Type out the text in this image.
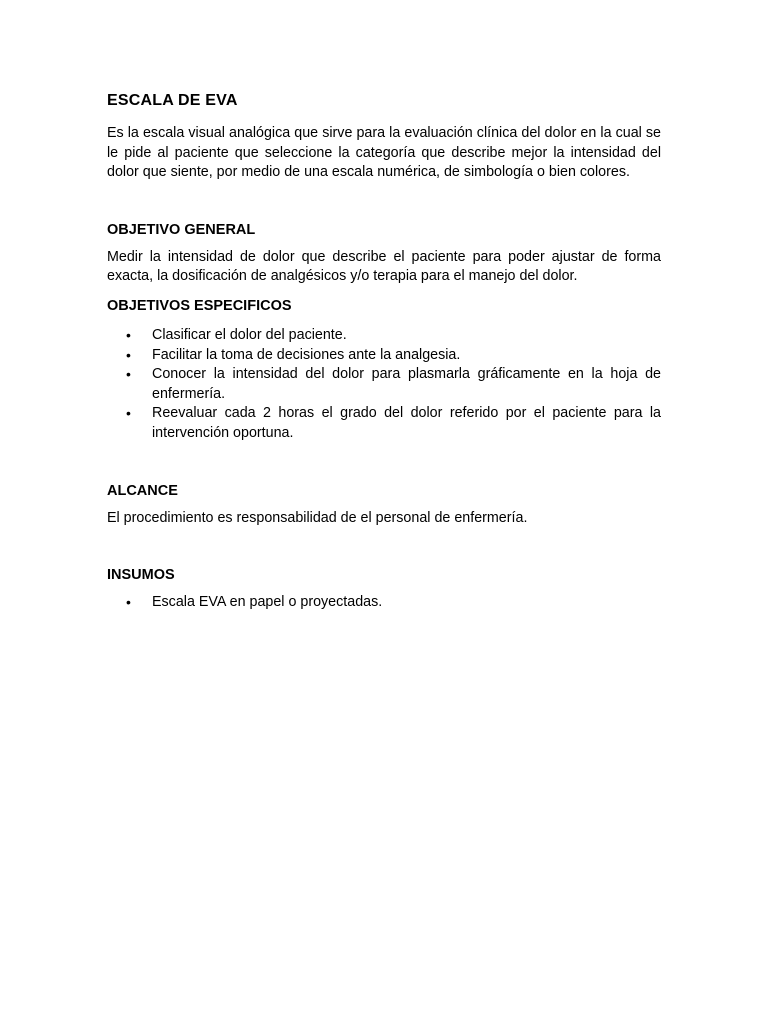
ESCALA DE EVA

Es la escala visual analógica que sirve para la evaluación clínica del dolor en la cual se le pide al paciente que seleccione la categoría que describe mejor la intensidad del dolor que siente, por medio de una escala numérica, de simbología o bien colores.

OBJETIVO GENERAL

Medir la intensidad de dolor que describe el paciente para poder ajustar de forma exacta, la dosificación de analgésicos y/o terapia para el manejo del dolor.

OBJETIVOS ESPECIFICOS
• Clasificar el dolor del paciente.
• Facilitar la toma de decisiones ante la analgesia.
• Conocer la intensidad del dolor para plasmarla gráficamente en la hoja de enfermería.
• Reevaluar cada 2 horas el grado del dolor referido por el paciente para la intervención oportuna.
ALCANCE

El procedimiento es responsabilidad de el personal de enfermería.

INSUMOS
• Escala EVA en papel o proyectadas.
